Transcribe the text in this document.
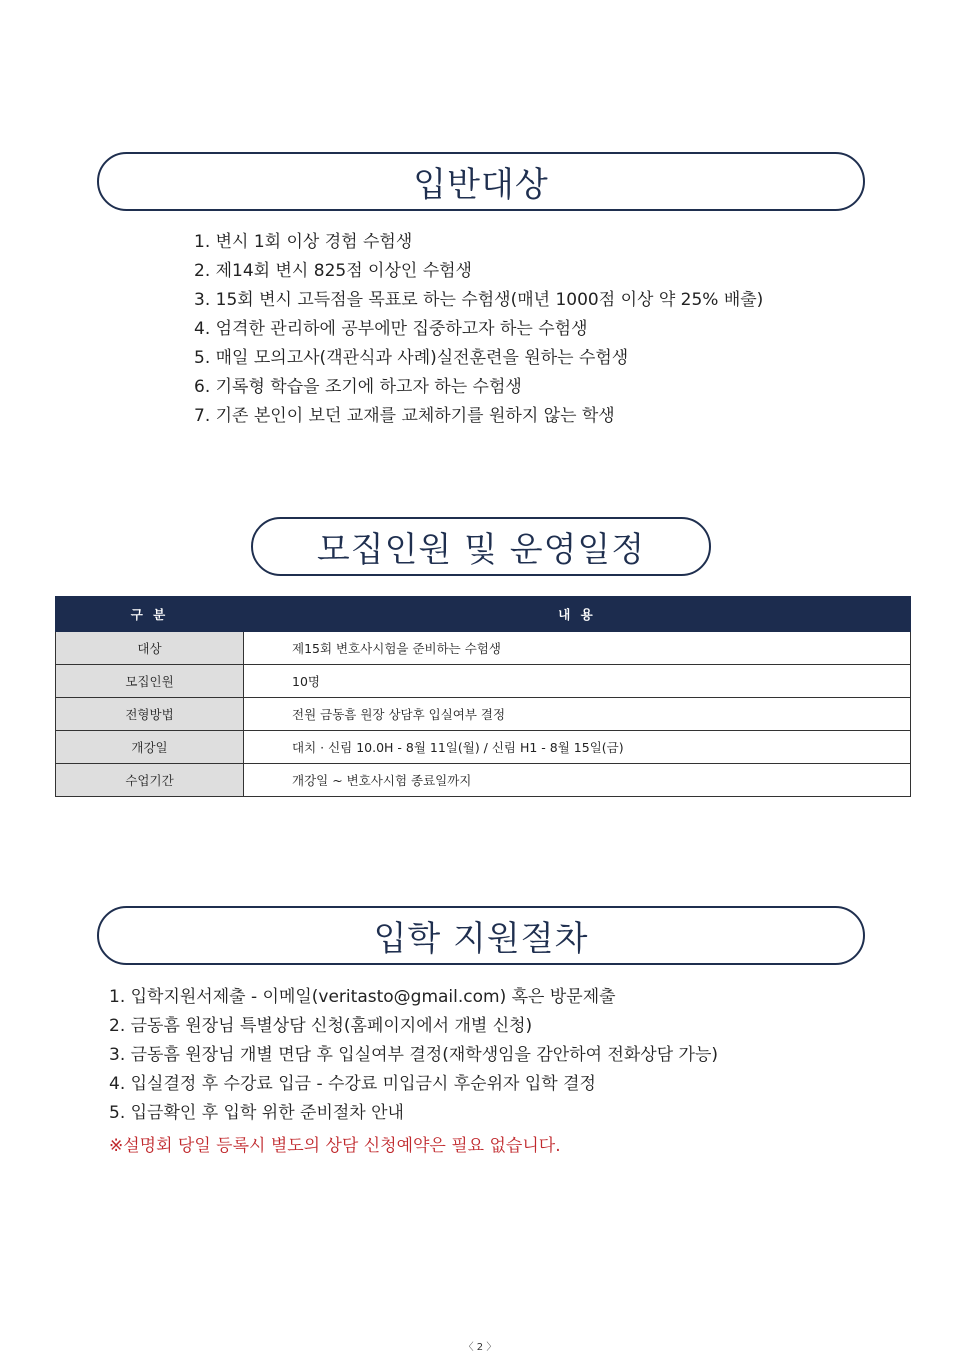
입반대상
1. 변시 1회 이상 경험 수험생
2. 제14회 변시 825점 이상인 수험생
3. 15회 변시 고득점을 목표로 하는 수험생(매년 1000점 이상 약 25% 배출)
4. 엄격한 관리하에 공부에만 집중하고자 하는 수험생
5. 매일 모의고사(객관식과 사례)실전훈련을 원하는 수험생
6. 기록형 학습을 조기에 하고자 하는 수험생
7. 기존 본인이 보던 교재를 교체하기를 원하지 않는 학생
모집인원 및 운영일정
구 분	내 용
대상	제15회 변호사시험을 준비하는 수험생
모집인원	10명
전형방법	전원 금동흠 원장 상담후 입실여부 결정
개강일	대치 · 신림 10.0H - 8월 11일(월) / 신림 H1 - 8월 15일(금)
수업기간	개강일 ~ 변호사시험 종료일까지
입학 지원절차
1. 입학지원서제출 - 이메일(veritasto@gmail.com) 혹은 방문제출
2. 금동흠 원장님 특별상담 신청(홈페이지에서 개별 신청)
3. 금동흠 원장님 개별 면담 후 입실여부 결정(재학생임을 감안하여 전화상담 가능)
4. 입실결정 후 수강료 입금 - 수강료 미입금시 후순위자 입학 결정
5. 입금확인 후 입학 위한 준비절차 안내
※설명회 당일 등록시 별도의 상담 신청예약은 필요 없습니다.
〈 2 〉
